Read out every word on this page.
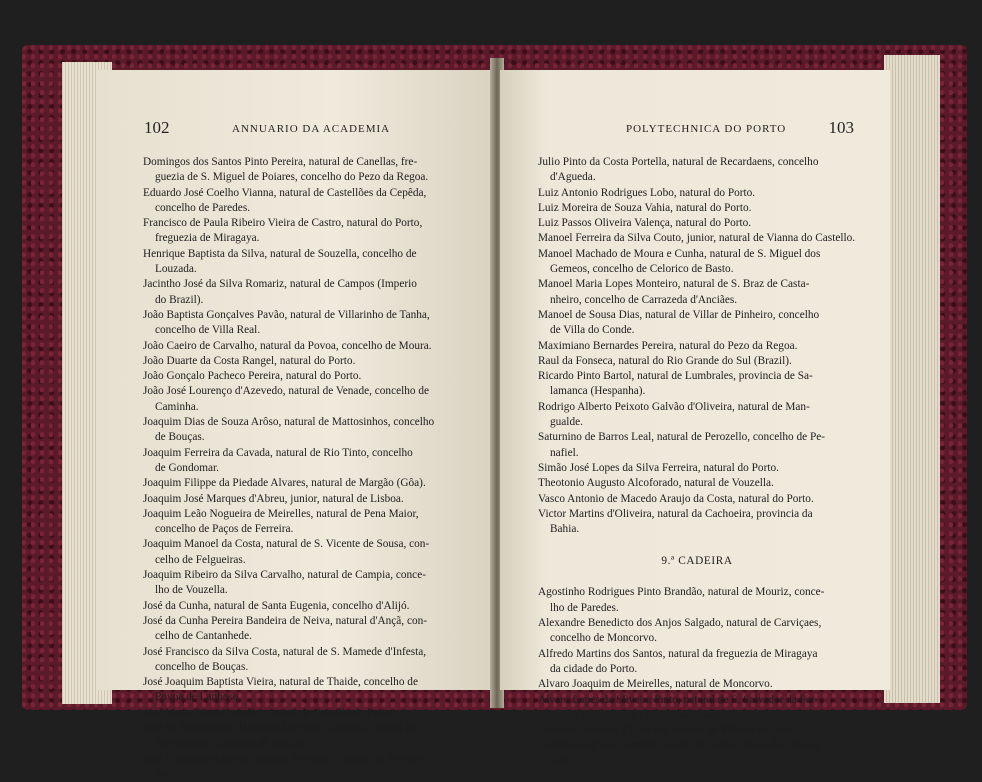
102	ANNUARIO DA ACADEMIA
Domingos dos Santos Pinto Pereira, natural de Canellas, fre-
guezia de S. Miguel de Poiares, concelho do Pezo da Regoa.
Eduardo José Coelho Vianna, natural de Castellões da Cepêda,
concelho de Paredes.
Francisco de Paula Ribeiro Vieira de Castro, natural do Porto,
freguezia de Miragaya.
Henrique Baptista da Silva, natural de Souzella, concelho de
Louzada.
Jacintho José da Silva Romariz, natural de Campos (Imperio
do Brazil).
João Baptista Gonçalves Pavão, natural de Villarinho de Tanha,
concelho de Villa Real.
João Caeiro de Carvalho, natural da Povoa, concelho de Moura.
João Duarte da Costa Rangel, natural do Porto.
João Gonçalo Pacheco Pereira, natural do Porto.
João José Lourenço d'Azevedo, natural de Venade, concelho de
Caminha.
Joaquim Dias de Souza Arôso, natural de Mattosinhos, concelho
de Bouças.
Joaquim Ferreira da Cavada, natural de Rio Tinto, concelho
de Gondomar.
Joaquim Filippe da Piedade Alvares, natural de Margão (Gôa).
Joaquim José Marques d'Abreu, junior, natural de Lisboa.
Joaquim Leão Nogueira de Meirelles, natural de Pena Maior,
concelho de Paços de Ferreira.
Joaquim Manoel da Costa, natural de S. Vicente de Sousa, con-
celho de Felgueiras.
Joaquim Ribeiro da Silva Carvalho, natural de Campia, conce-
lho de Vouzella.
José da Cunha, natural de Santa Eugenia, concelho d'Alijó.
José da Cunha Pereira Bandeira de Neiva, natural d'Ançã, con-
celho de Cantanhede.
José Francisco da Silva Costa, natural de S. Mamede d'Infesta,
concelho de Bouças.
José Joaquim Baptista Vieira, natural de Thaide, concelho de
Povoa de Lanhoso.
José Maria Pinto Camello, natural de Castello de Paiva.
José do Nascimento da Rocha Azevedo Coutinho, natural de
Tarouquella, concelho de Sinfães.
José Rodrigues Moreira, natural de Mouriz, concelho de Pare-
des.
POLYTECHNICA DO PORTO 103
Julio Pinto da Costa Portella, natural de Recardaens, concelho
d'Agueda.
Luiz Antonio Rodrigues Lobo, natural do Porto.
Luiz Moreira de Souza Vahia, natural do Porto.
Luiz Passos Oliveira Valença, natural do Porto.
Manoel Ferreira da Silva Couto, junior, natural de Vianna do Castello.
Manoel Machado de Moura e Cunha, natural de S. Miguel dos
Gemeos, concelho de Celorico de Basto.
Manoel Maria Lopes Monteiro, natural de S. Braz de Casta-
nheiro, concelho de Carrazeda d'Anciães.
Manoel de Sousa Dias, natural de Villar de Pinheiro, concelho
de Villa do Conde.
Maximiano Bernardes Pereira, natural do Pezo da Regoa.
Raul da Fonseca, natural do Rio Grande do Sul (Brazil).
Ricardo Pinto Bartol, natural de Lumbrales, provincia de Sa-
lamanca (Hespanha).
Rodrigo Alberto Peixoto Galvão d'Oliveira, natural de Man-
gualde.
Saturnino de Barros Leal, natural de Perozello, concelho de Pe-
nafiel.
Simão José Lopes da Silva Ferreira, natural do Porto.
Theotonio Augusto Alcoforado, natural de Vouzella.
Vasco Antonio de Macedo Araujo da Costa, natural do Porto.
Victor Martins d'Oliveira, natural da Cachoeira, provincia da
Bahia.
9.ª CADEIRA
Agostinho Rodrigues Pinto Brandão, natural de Mouriz, conce-
lho de Paredes.
Alexandre Benedicto dos Anjos Salgado, natural de Carviçaes,
concelho de Moncorvo.
Alfredo Martins dos Santos, natural da freguezia de Miragaya
da cidade do Porto.
Alvaro Joaquim de Meirelles, natural de Moncorvo.
Alvaro Lopes da Silveira Pinto, natural de S. Salvador da Fer-
vença, concelho de Celorico de Basto.
Antonio Armindo d'Andrade, natural de Ribeira de Pena.
Antonio Augusto Carreira, natural de Santa Eulalia da Villa de
Fafe.
